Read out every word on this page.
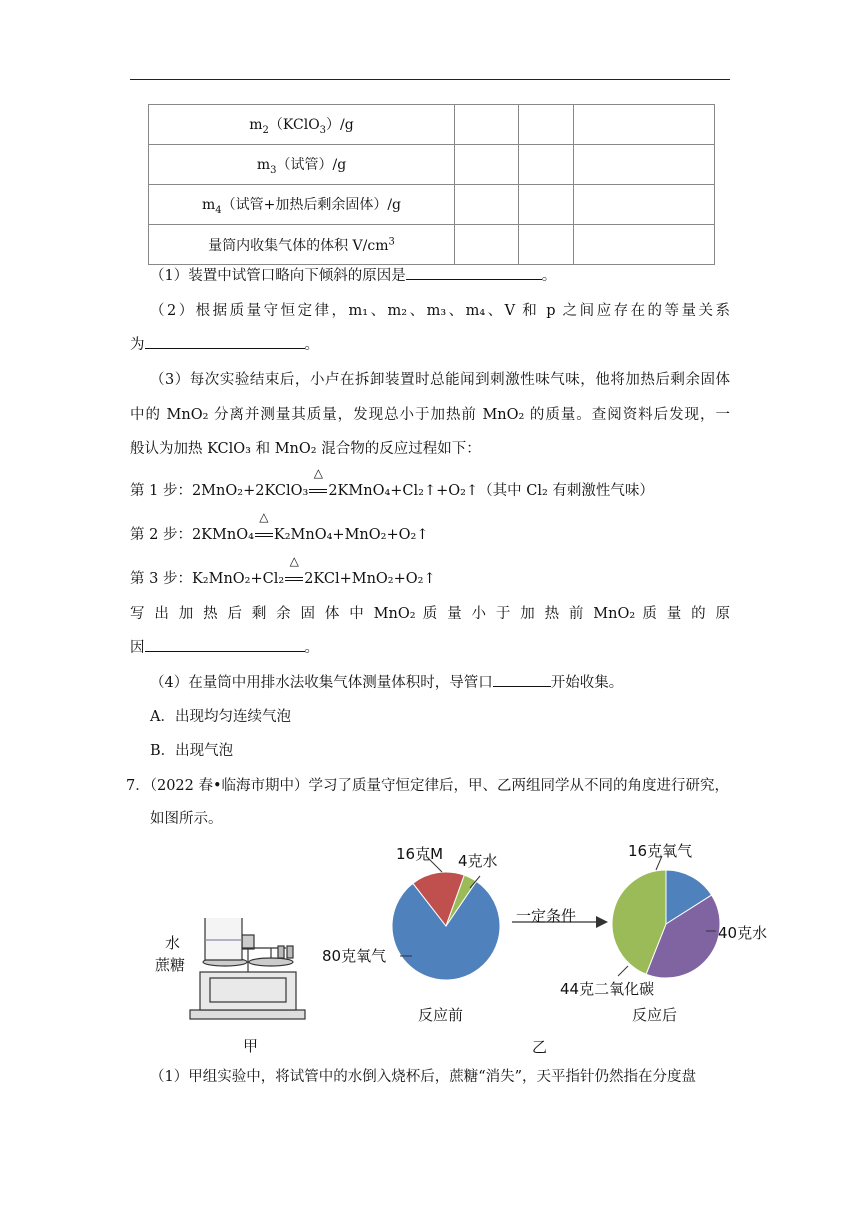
$m_2(KClO_3)/g$			
$m_3$（试管）/g			
$m_4$（试管+加热后剩余固体）/g			
量筒内收集气体的体积 $V/cm^3$			
（1）装置中试管口略向下倾斜的原因是	。
（2）根据质量守恒定律，m₁、m₂、m₃、m₄、V 和 p 之间应存在的等量关系
为	。
（3）每次实验结束后，小卢在拆卸装置时总能闻到刺激性味气味，他将加热后剩余固体
中的 MnO₂ 分离并测量其质量，发现总小于加热前 MnO₂ 的质量。查阅资料后发现，一
般认为加热 KClO₃ 和 MnO₂ 混合物的反应过程如下：
第 1 步：2MnO₂+2KClO₃
△
2KMnO₄+Cl₂↑+O₂↑（其中 Cl₂ 有刺激性气味）
第 2 步：2KMnO₄
△
K₂MnO₄+MnO₂+O₂↑
第 3 步：K₂MnO₂+Cl₂
△
2KCl+MnO₂+O₂↑
写 出 加 热 后 剩 余 固 体 中 MnO₂ 质 量 小 于 加 热 前 MnO₂ 质 量 的 原
因	。
（4）在量筒中用排水法收集气体测量体积时，导管口	开始收集。
A．出现均匀连续气泡
B．出现气泡
7．（2022 春•临海市期中）学习了质量守恒定律后，甲、乙两组同学从不同的角度进行研究，
如图所示。
水
蔗糖
甲
16克M 4克水
80克氧气
一定条件
16克氧气
40克水
44克二氧化碳
反应前	反应后
乙
（1）甲组实验中，将试管中的水倒入烧杯后，蔗糖“消失”，天平指针仍然指在分度盘
